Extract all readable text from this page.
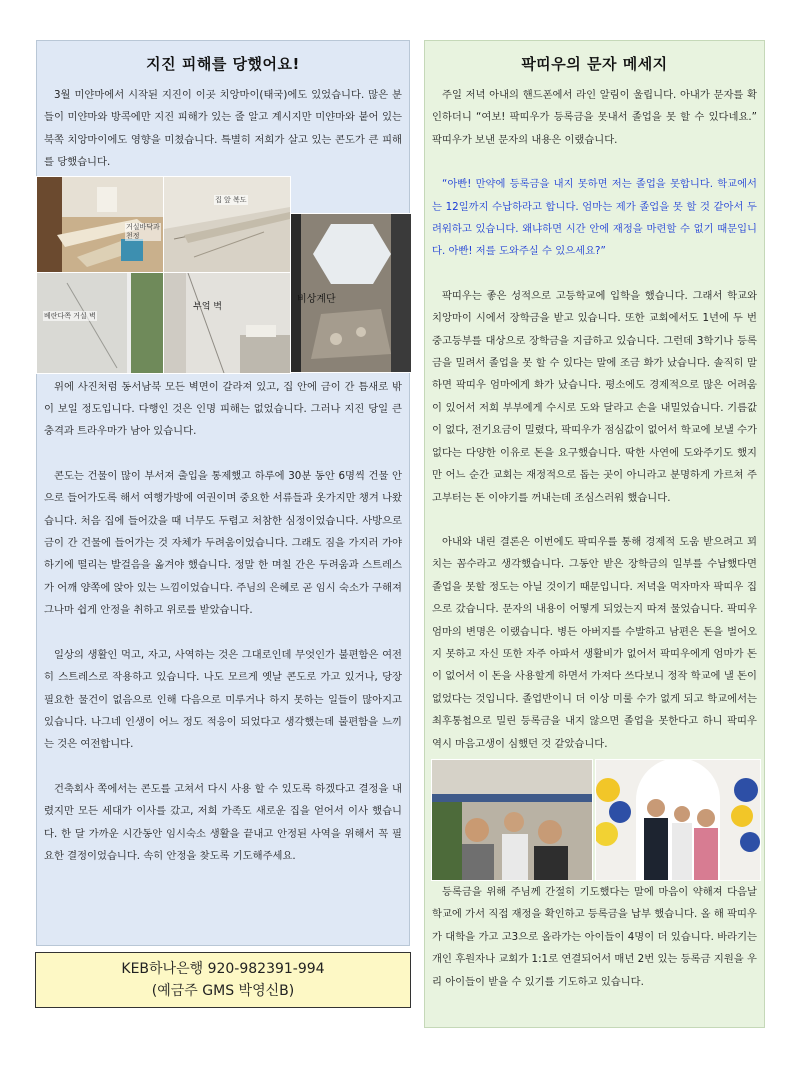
지진 피해를 당했어요!

3월 미얀마에서 시작된 지진이 이곳 치앙마이(태국)에도 있었습니다. 많은 분들이 미얀마와 방콕에만 지진 피해가 있는 줄 알고 계시지만 미얀마와 붙어 있는 북쪽 치앙마이에도 영향을 미쳤습니다. 특별히 저희가 살고 있는 콘도가 큰 피해를 당했습니다.

거실바닥과 천정
집 앞 복도
비상계단
베란다쪽 거실 벽
부엌 벽

위에 사진처럼 동서남북 모든 벽면이 갈라져 있고, 집 안에 금이 간 틈새로 밖이 보일 정도입니다. 다행인 것은 인명 피해는 없었습니다. 그러나 지진 당일 큰 충격과 트라우마가 남아 있습니다.

콘도는 건물이 많이 부서져 출입을 통제했고 하루에 30분 동안 6명씩 건물 안으로 들어가도록 해서 여행가방에 여권이며 중요한 서류들과 옷가지만 챙겨 나왔습니다. 처음 집에 들어갔을 때 너무도 두렵고 처참한 심정이었습니다. 사방으로 금이 간 건물에 들어가는 것 자체가 두려움이었습니다. 그래도 짐을 가지러 가야 하기에 떨리는 발걸음을 옮겨야 했습니다. 정말 한 며칠 간은 두려움과 스트레스가 어깨 양쪽에 앉아 있는 느낌이었습니다. 주님의 은혜로 곧 임시 숙소가 구해져 그나마 쉽게 안정을 취하고 위로를 받았습니다.

일상의 생활인 먹고, 자고, 사역하는 것은 그대로인데 무엇인가 불편함은 여전히 스트레스로 작용하고 있습니다. 나도 모르게 옛날 콘도로 가고 있거나, 당장 필요한 물건이 없음으로 인해 다음으로 미루거나 하지 못하는 일들이 많아지고 있습니다. 나그네 인생이 어느 정도 적응이 되었다고 생각했는데 불편함을 느끼는 것은 여전합니다.

건축회사 쪽에서는 콘도를 고쳐서 다시 사용 할 수 있도록 하겠다고 결정을 내렸지만 모든 세대가 이사를 갔고, 저희 가족도 새로운 집을 얻어서 이사 했습니다. 한 달 가까운 시간동안 임시숙소 생활을 끝내고 안정된 사역을 위해서 꼭 필요한 결정이었습니다. 속히 안정을 찾도록 기도해주세요.

KEB하나은행 920-982391-994
(예금주 GMS 박영신B)
팍띠우의 문자 메세지

주일 저녁 아내의 핸드폰에서 라인 알림이 울립니다. 아내가 문자를 확인하더니 “여보! 팍띠우가 등록금을 못내서 졸업을 못 할 수 있다네요.” 팍띠우가 보낸 문자의 내용은 이랬습니다.

“아빤! 만약에 등록금을 내지 못하면 저는 졸업을 못합니다. 학교에서는 12일까지 수납하라고 합니다. 엄마는 제가 졸업을 못 할 것 같아서 두려워하고 있습니다. 왜냐하면 시간 안에 재정을 마련할 수 없기 때문입니다. 아빤! 저를 도와주실 수 있으세요?”

팍띠우는 좋은 성적으로 고등학교에 입학을 했습니다. 그래서 학교와 치앙마이 시에서 장학금을 받고 있습니다. 또한 교회에서도 1년에 두 번 중고등부를 대상으로 장학금을 지급하고 있습니다. 그런데 3학기나 등록금을 밀려서 졸업을 못 할 수 있다는 말에 조금 화가 났습니다. 솔직히 말하면 팍띠우 엄마에게 화가 났습니다. 평소에도 경제적으로 많은 어려움이 있어서 저희 부부에게 수시로 도와 달라고 손을 내밀었습니다. 기름값이 없다, 전기요금이 밀렸다, 팍띠우가 점심값이 없어서 학교에 보낼 수가 없다는 다양한 이유로 돈을 요구했습니다. 딱한 사연에 도와주기도 했지만 어느 순간 교회는 재정적으로 돕는 곳이 아니라고 분명하게 가르쳐 주고부터는 돈 이야기를 꺼내는데 조심스러워 했습니다.

아내와 내린 결론은 이번에도 팍띠우를 통해 경제적 도움 받으려고 꾀치는 꼼수라고 생각했습니다. 그동안 받은 장학금의 일부를 수납했다면 졸업을 못할 정도는 아닐 것이기 때문입니다. 저녁을 먹자마자 팍띠우 집으로 갔습니다. 문자의 내용이 어떻게 되었는지 따져 물었습니다. 팍띠우 엄마의 변명은 이랬습니다. 병든 아버지를 수발하고 남편은 돈을 벌어오지 못하고 자신 또한 자주 아파서 생활비가 없어서 팍띠우에게 엄마가 돈이 없어서 이 돈을 사용할게 하면서 가져다 쓰다보니 정작 학교에 낼 돈이 없었다는 것입니다. 졸업반이니 더 이상 미룰 수가 없게 되고 학교에서는 최후통첩으로 밀린 등록금을 내지 않으면 졸업을 못한다고 하니 팍띠우 역시 마음고생이 심했던 것 같았습니다.

등록금을 위해 주님께 간절히 기도했다는 말에 마음이 약해져 다음날 학교에 가서 직접 재정을 확인하고 등록금을 납부 했습니다. 올 해 팍띠우가 대학을 가고 고3으로 올라가는 아이들이 4명이 더 있습니다. 바라기는 개인 후원자나 교회가 1:1로 연결되어서 매년 2번 있는 등록금 지원을 우리 아이들이 받을 수 있기를 기도하고 있습니다.
